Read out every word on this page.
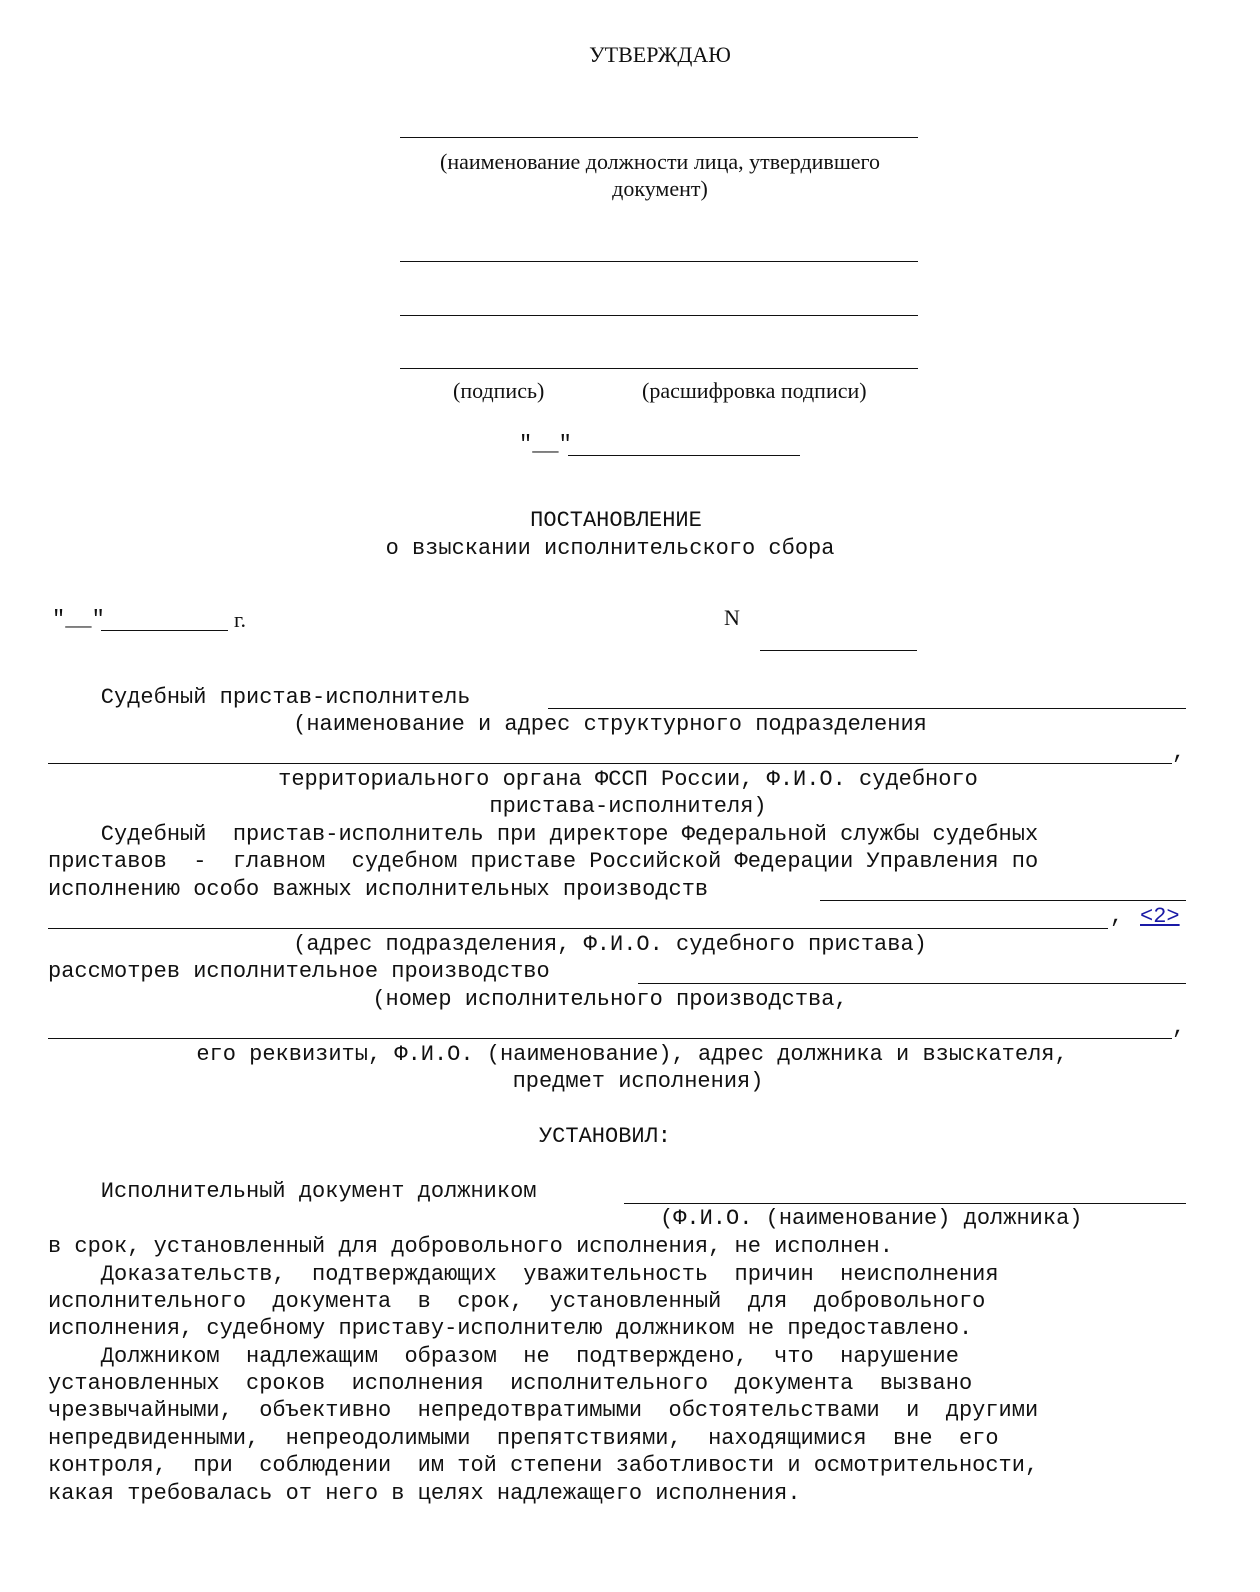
УТВЕРЖДАЮ
(наименование должности лица, утвердившего
документ)
(подпись)	(расшифровка подписи)
"__"
ПОСТАНОВЛЕНИЕ
о взыскании исполнительского сбора
"__"	г.	N
Судебный пристав-исполнитель
(наименование и адрес структурного подразделения
,
территориального органа ФССП России, Ф.И.О. судебного
пристава-исполнителя)
Судебный  пристав-исполнитель при директоре Федеральной службы судебных
приставов  -  главном  судебном приставе Российской Федерации Управления по
исполнению особо важных исполнительных производств
, <2>
(адрес подразделения, Ф.И.О. судебного пристава)
рассмотрев исполнительное производство
(номер исполнительного производства,
,
его реквизиты, Ф.И.О. (наименование), адрес должника и взыскателя,
предмет исполнения)
УСТАНОВИЛ:
Исполнительный документ должником
(Ф.И.О. (наименование) должника)
в срок, установленный для добровольного исполнения, не исполнен.
Доказательств,  подтверждающих  уважительность  причин  неисполнения
исполнительного  документа  в  срок,  установленный  для  добровольного
исполнения, судебному приставу-исполнителю должником не предоставлено.
Должником  надлежащим  образом  не  подтверждено,  что  нарушение
установленных  сроков  исполнения  исполнительного  документа  вызвано
чрезвычайными,  объективно  непредотвратимыми  обстоятельствами  и  другими
непредвиденными,  непреодолимыми  препятствиями,  находящимися  вне  его
контроля,  при  соблюдении  им той степени заботливости и осмотрительности,
какая требовалась от него в целях надлежащего исполнения.
